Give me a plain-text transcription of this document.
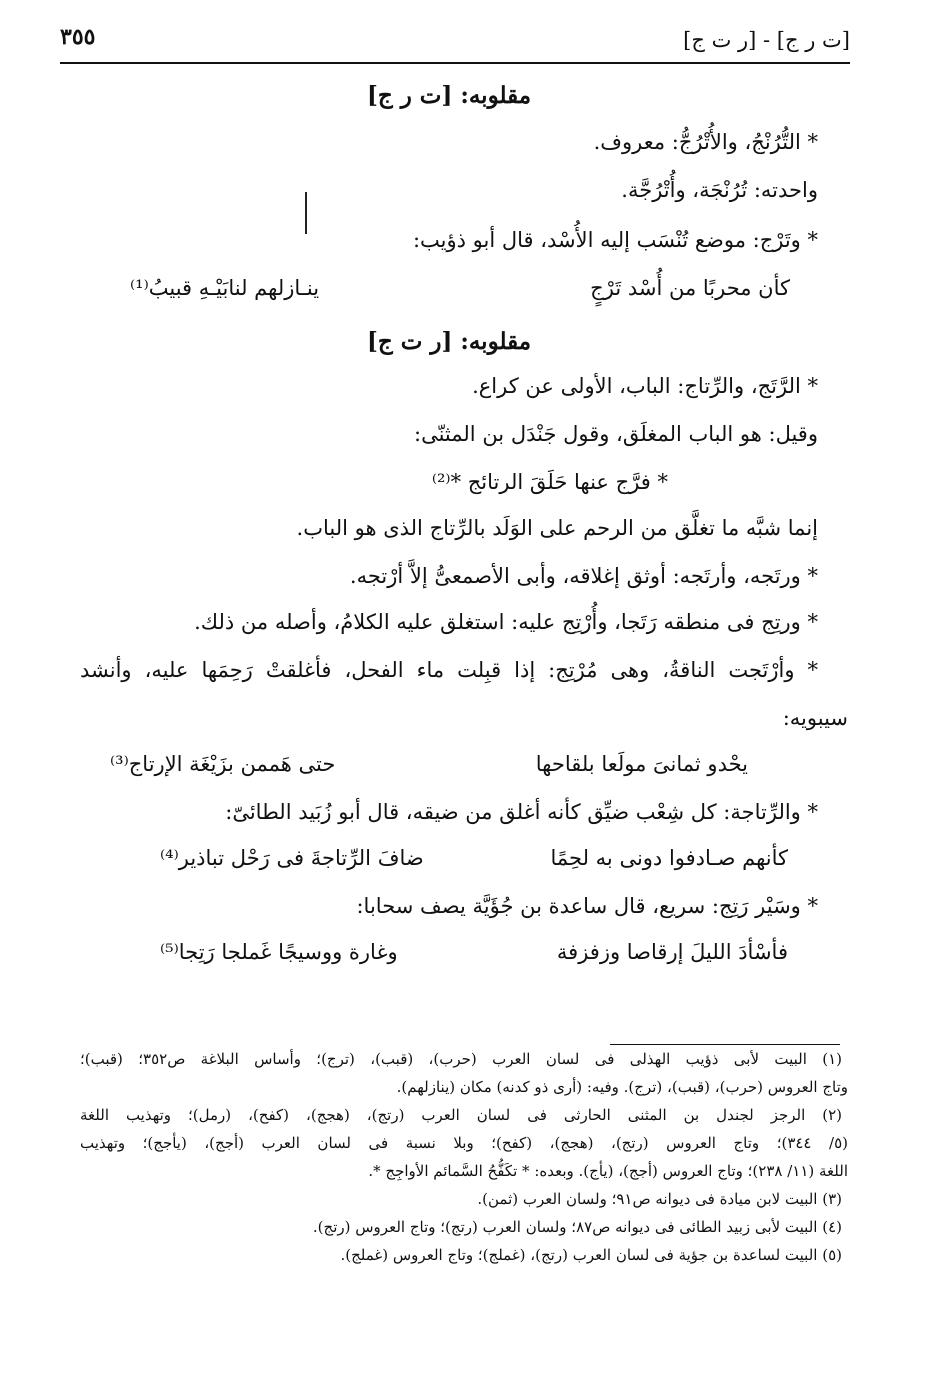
[ت ر ج] - [ر ت ج]
٣٥٥
مقلوبه: [ت ر ج]
* التُّرُنْجُ، والأُتْرُجُّ: معروف.
واحدته: تُرُنْجَة، وأُتْرُجَّة.
* وتَرْج: موضع تُنْسَب إليه الأُسْد، قال أبو ذؤيب:
كأن محربًا من أُسْد تَرْجٍ
ينـازلهم لنابَيْـهِ قبيبُ⁽¹⁾
مقلوبه: [ر ت ج]
* الرَّتَج، والرِّتاج: الباب، الأولى عن كراع.
وقيل: هو الباب المغلَق، وقول جَنْدَل بن المثنّى:
* فرَّج عنها حَلَقَ الرتائج *⁽²⁾
إنما شبَّه ما تغلَّق من الرحم على الوَلَد بالرِّتاج الذى هو الباب.
* ورتَجه، وأرتَجه: أوثق إغلاقه، وأبى الأصمعىُّ إلاَّ أرْتجه.
* ورتِج فى منطقه رَتَجا، وأُرْتِج عليه: استغلق عليه الكلامُ، وأصله من ذلك.
* وأرْتَجت الناقةُ، وهى مُرْتِج: إذا قبِلت ماء الفحل، فأغلقتْ رَحِمَها عليه، وأنشد
سيبويه:
يحْدو ثمانىَ مولَعا بلقاحها
حتى هَممن بزَيْغَة الإرتاج⁽³⁾
* والرِّتاجة: كل شِعْب ضيِّق كأنه أغلق من ضيقه، قال أبو زُبَيد الطائىّ:
كأنهم صـادفوا دونى به لحِمًا
ضافَ الرِّتاجةَ فى رَحْل تباذير⁽⁴⁾
* وسَيْر رَتِج: سريع، قال ساعدة بن جُؤَيَّة يصف سحابا:
فأسْأدَ الليلَ إرقاصا وزفزفة
وغارة ووسيجًا غَملجا رَتِجا⁽⁵⁾
(١) البيت لأبى ذؤيب الهذلى فى لسان العرب (حرب)، (قبب)، (ترج)؛ وأساس البلاغة ص٣٥٢؛ (قبب)؛
وتاج العروس (حرب)، (قبب)، (ترج). وفيه: (أرى ذو كدنه) مكان (ينازلهم).
(٢) الرجز لجندل بن المثنى الحارثى فى لسان العرب (رتج)، (هجج)، (كفح)، (رمل)؛ وتهذيب اللغة
(٥/ ٣٤٤)؛ وتاج العروس (رتج)، (هجج)، (كفح)؛ وبلا نسبة فى لسان العرب (أجج)، (يأجج)؛ وتهذيب
اللغة (١١/ ٢٣٨)؛ وتاج العروس (أجج)، (يأج). وبعده: * تكَفُّحُ السَّمائم الأواجِج *.
(٣) البيت لابن ميادة فى ديوانه ص٩١؛ ولسان العرب (ثمن).
(٤) البيت لأبى زبيد الطائى فى ديوانه ص٨٧؛ ولسان العرب (رتج)؛ وتاج العروس (رتج).
(٥) البيت لساعدة بن جؤية فى لسان العرب (رتج)، (غملج)؛ وتاج العروس (غملج).
